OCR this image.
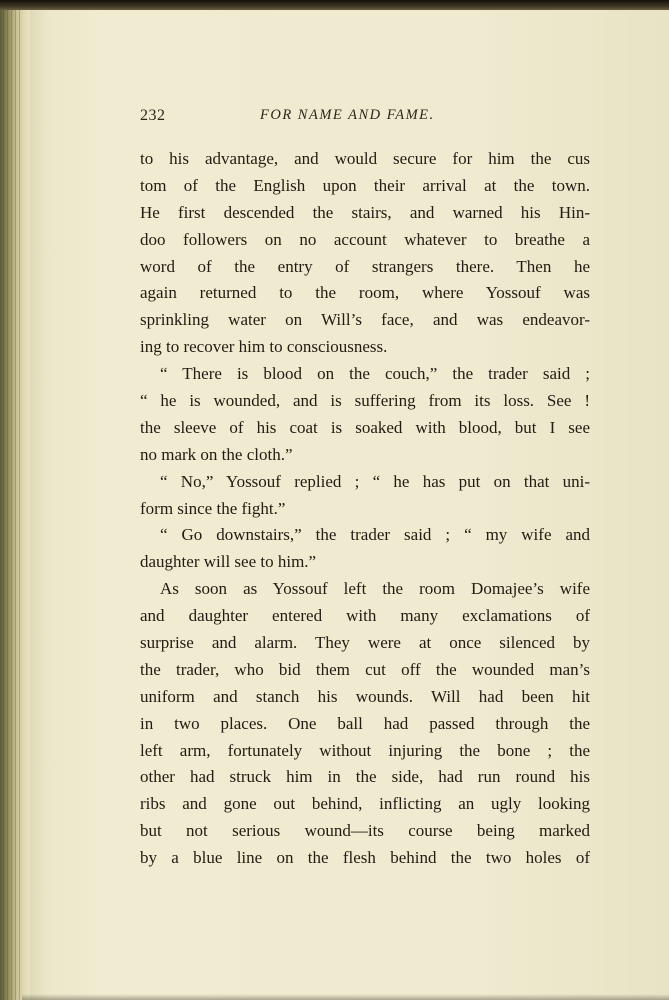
232	FOR NAME AND FAME.
to his advantage, and would secure for him the cus
tom of the English upon their arrival at the town.
He first descended the stairs, and warned his Hin-
doo followers on no account whatever to breathe a
word of the entry of strangers there. Then he
again returned to the room, where Yossouf was
sprinkling water on Will’s face, and was endeavor-
ing to recover him to consciousness.
“ There is blood on the couch,” the trader said ;
“ he is wounded, and is suffering from its loss. See !
the sleeve of his coat is soaked with blood, but I see
no mark on the cloth.”
“ No,” Yossouf replied ; “ he has put on that uni-
form since the fight.”
“ Go downstairs,” the trader said ; “ my wife and
daughter will see to him.”
As soon as Yossouf left the room Domajee’s wife
and daughter entered with many exclamations of
surprise and alarm. They were at once silenced by
the trader, who bid them cut off the wounded man’s
uniform and stanch his wounds. Will had been hit
in two places. One ball had passed through the
left arm, fortunately without injuring the bone ; the
other had struck him in the side, had run round his
ribs and gone out behind, inflicting an ugly looking
but not serious wound—its course being marked
by a blue line on the flesh behind the two holes of
